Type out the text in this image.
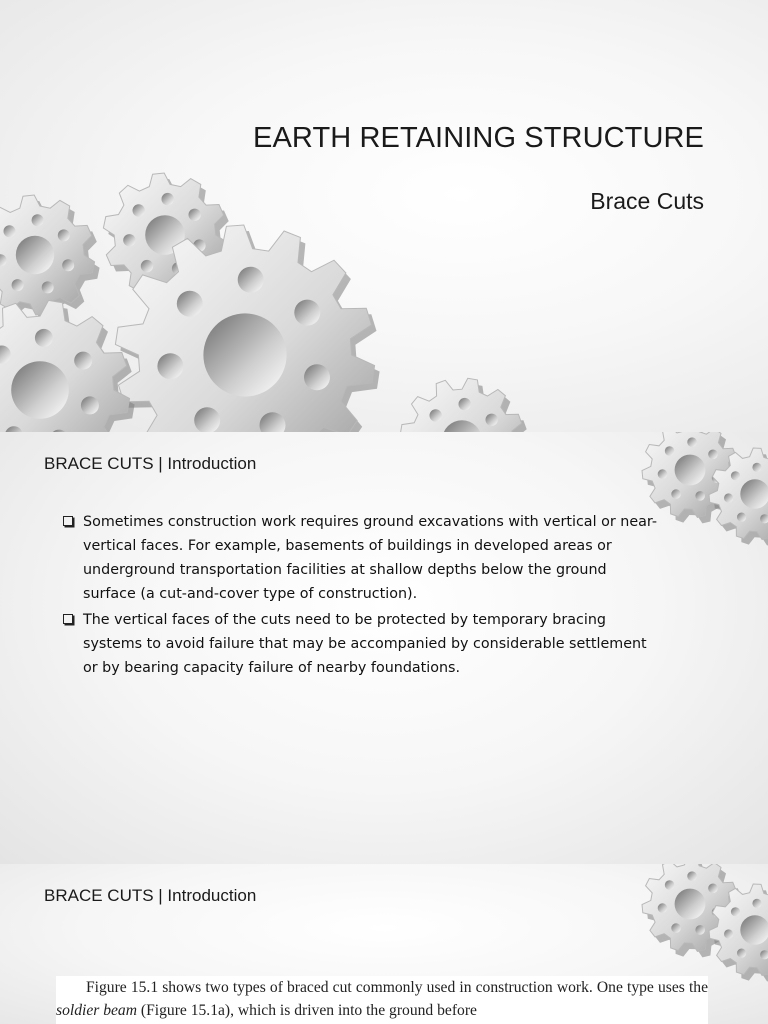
EARTH RETAINING STRUCTURE
Brace Cuts
BRACE CUTS | Introduction
Sometimes construction work requires ground excavations with vertical or near-vertical faces. For example, basements of buildings in developed areas or underground transportation facilities at shallow depths below the ground surface (a cut-and-cover type of construction).
The vertical faces of the cuts need to be protected by temporary bracing systems to avoid failure that may be accompanied by considerable settlement or by bearing capacity failure of nearby foundations.
BRACE CUTS | Introduction

Figure 15.1 shows two types of braced cut commonly used in construction work. One type uses the soldier beam (Figure 15.1a), which is driven into the ground before
